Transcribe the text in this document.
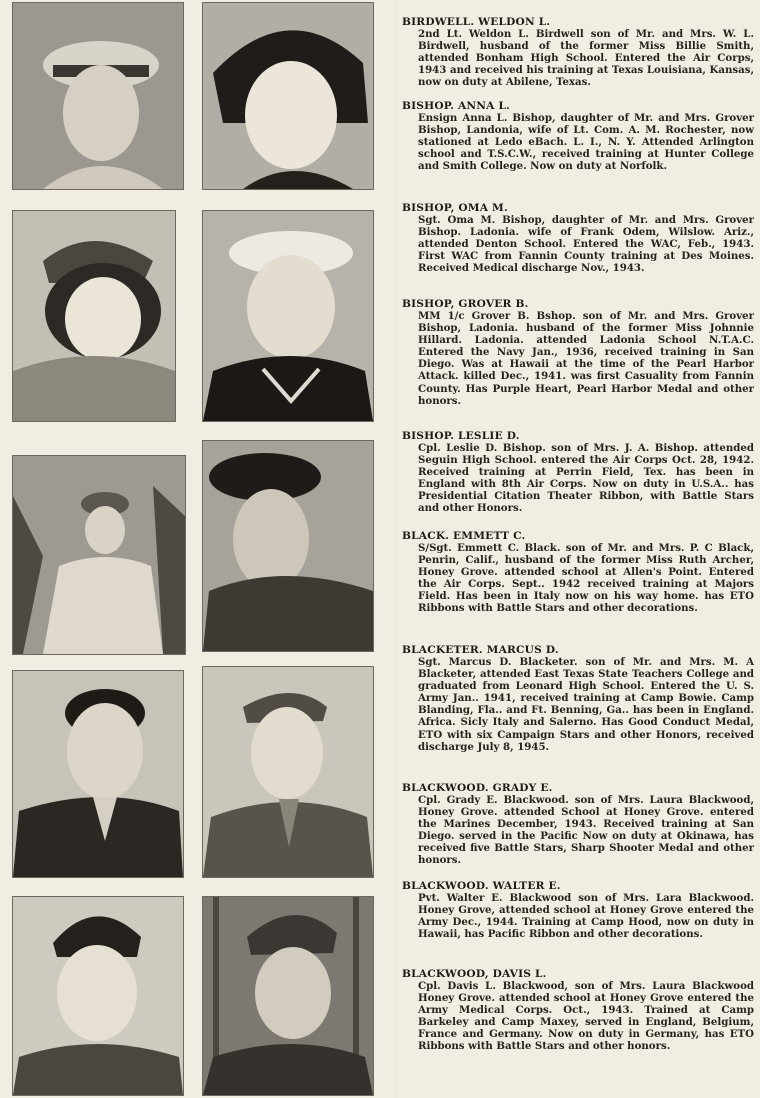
BIRDWELL. WELDON L.

2nd Lt. Weldon L. Birdwell son of Mr. and Mrs. W. L. Birdwell, husband of the former Miss Billie Smith, attended Bonham High School. Entered the Air Corps, 1943 and received his training at Texas Louisiana, Kansas, now on duty at Abilene, Texas.

BISHOP. ANNA L.

Ensign Anna L. Bishop, daughter of Mr. and Mrs. Grover Bishop, Landonia, wife of Lt. Com. A. M. Rochester, now stationed at Ledo eBach. L. I., N. Y. Attended Arlington school and T.S.C.W., received training at Hunter College and Smith College. Now on duty at Norfolk.

BISHOP, OMA M.

Sgt. Oma M. Bishop, daughter of Mr. and Mrs. Grover Bishop. Ladonia. wife of Frank Odem, Wilslow. Ariz., attended Denton School. Entered the WAC, Feb., 1943. First WAC from Fannin County training at Des Moines. Received Medical discharge Nov., 1943.

BISHOP, GROVER B.

MM 1/c Grover B. Bshop. son of Mr. and Mrs. Grover Bishop, Ladonia. husband of the former Miss Johnnie Hillard. Ladonia. attended Ladonia School N.T.A.C. Entered the Navy Jan., 1936, received training in San Diego. Was at Hawaii at the time of the Pearl Harbor Attack. killed Dec., 1941. was first Casuality from Fannin County. Has Purple Heart, Pearl Harbor Medal and other honors.

BISHOP. LESLIE D.

Cpl. Leslie D. Bishop. son of Mrs. J. A. Bishop. attended Seguin High School. entered the Air Corps Oct. 28, 1942. Received training at Perrin Field, Tex. has been in England with 8th Air Corps. Now on duty in U.S.A.. has Presidential Citation Theater Ribbon, with Battle Stars and other Honors.

BLACK. EMMETT C.

S/Sgt. Emmett C. Black. son of Mr. and Mrs. P. C Black, Penrin, Calif., husband of the former Miss Ruth Archer, Honey Grove. attended school at Allen's Point. Entered the Air Corps. Sept.. 1942 received training at Majors Field. Has been in Italy now on his way home. has ETO Ribbons with Battle Stars and other decorations.

BLACKETER. MARCUS D.

Sgt. Marcus D. Blacketer. son of Mr. and Mrs. M. A Blacketer, attended East Texas State Teachers College and graduated from Leonard High School. Entered the U. S. Army Jan.. 1941, received training at Camp Bowie. Camp Blanding, Fla.. and Ft. Benning, Ga.. has been in England. Africa. Sicly Italy and Salerno. Has Good Conduct Medal, ETO with six Campaign Stars and other Honors, received discharge July 8, 1945.

BLACKWOOD. GRADY E.

Cpl. Grady E. Blackwood. son of Mrs. Laura Blackwood, Honey Grove. attended School at Honey Grove. entered the Marines December, 1943. Received training at San Diego. served in the Pacific Now on duty at Okinawa, has received five Battle Stars, Sharp Shooter Medal and other honors.

BLACKWOOD. WALTER E.

Pvt. Walter E. Blackwood son of Mrs. Lara Blackwood. Honey Grove, attended school at Honey Grove entered the Army Dec., 1944. Training at Camp Hood, now on duty in Hawaii, has Pacific Ribbon and other decorations.

BLACKWOOD, DAVIS L.

Cpl. Davis L. Blackwood, son of Mrs. Laura Blackwood Honey Grove. attended school at Honey Grove entered the Army Medical Corps. Oct., 1943. Trained at Camp Barkeley and Camp Maxey, served in England, Belgium, France and Germany. Now on duty in Germany, has ETO Ribbons with Battle Stars and other honors.
